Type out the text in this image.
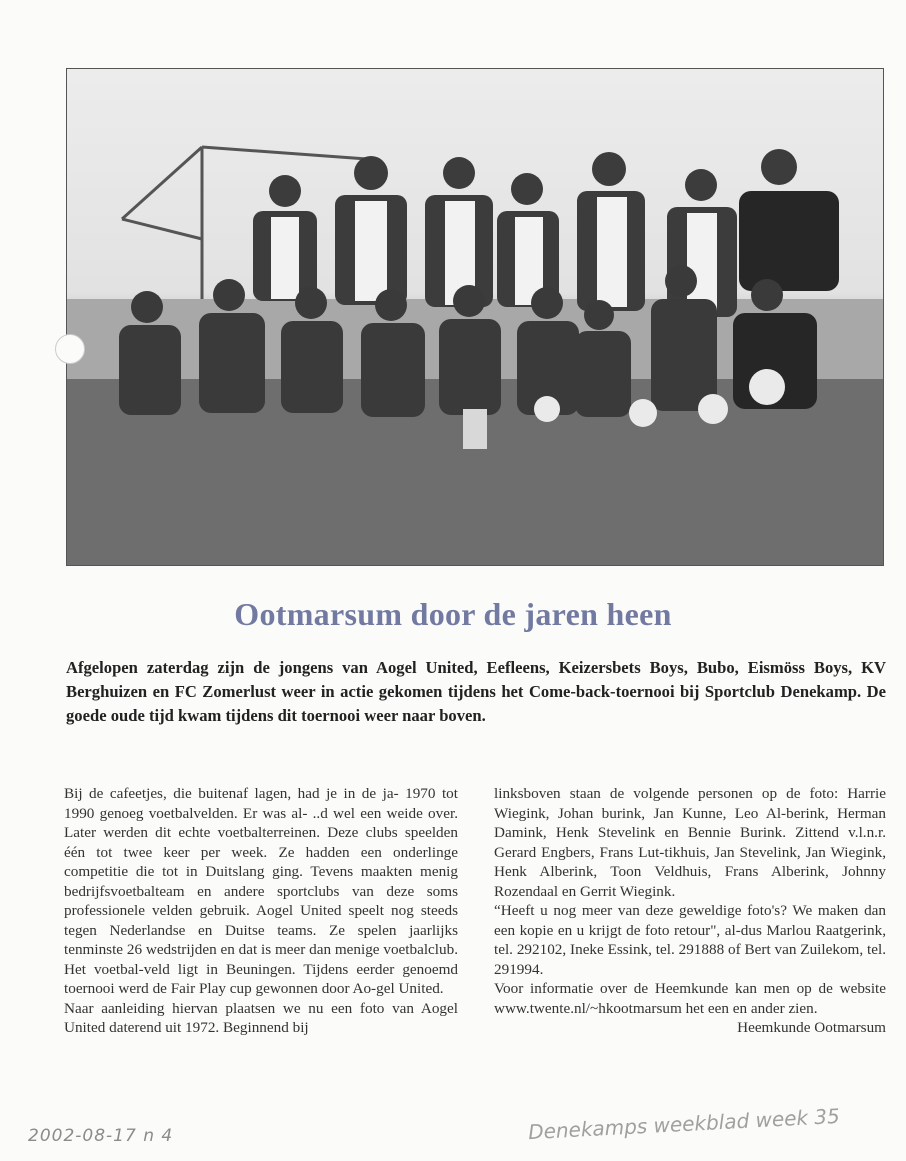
Ootmarsum door de jaren heen
Afgelopen zaterdag zijn de jongens van Aogel United, Eefleens, Keizersbets Boys, Bubo, Eismöss Boys, KV Berghuizen en FC Zomerlust weer in actie gekomen tijdens het Come-back-toernooi bij Sportclub Denekamp. De goede oude tijd kwam tijdens dit toernooi weer naar boven.

Bij de cafeetjes, die buitenaf lagen, had je in de ja- 1970 tot 1990 genoeg voetbalvelden. Er was al- ..d wel een weide over. Later werden dit echte voetbalterreinen. Deze clubs speelden één tot twee keer per week. Ze hadden een onderlinge competitie die tot in Duitslang ging. Tevens maakten menig bedrijfsvoetbalteam en andere sportclubs van deze soms professionele velden gebruik. Aogel United speelt nog steeds tegen Nederlandse en Duitse teams. Ze spelen jaarlijks tenminste 26 wedstrijden en dat is meer dan menige voetbalclub. Het voetbal-veld ligt in Beuningen. Tijdens eerder genoemd toernooi werd de Fair Play cup gewonnen door Ao-gel United.

Naar aanleiding hiervan plaatsen we nu een foto van Aogel United daterend uit 1972. Beginnend bij

linksboven staan de volgende personen op de foto: Harrie Wiegink, Johan burink, Jan Kunne, Leo Al-berink, Herman Damink, Henk Stevelink en Bennie Burink. Zittend v.l.n.r. Gerard Engbers, Frans Lut-tikhuis, Jan Stevelink, Jan Wiegink, Henk Alberink, Toon Veldhuis, Frans Alberink, Johnny Rozendaal en Gerrit Wiegink.

“Heeft u nog meer van deze geweldige foto's? We maken dan een kopie en u krijgt de foto retour", al-dus Marlou Raatgerink, tel. 292102, Ineke Essink, tel. 291888 of Bert van Zuilekom, tel. 291994.

Voor informatie over de Heemkunde kan men op de website www.twente.nl/~hkootmarsum het een en ander zien.

Heemkunde Ootmarsum

2002-08-17 n 4	Denekamps weekblad week 35
